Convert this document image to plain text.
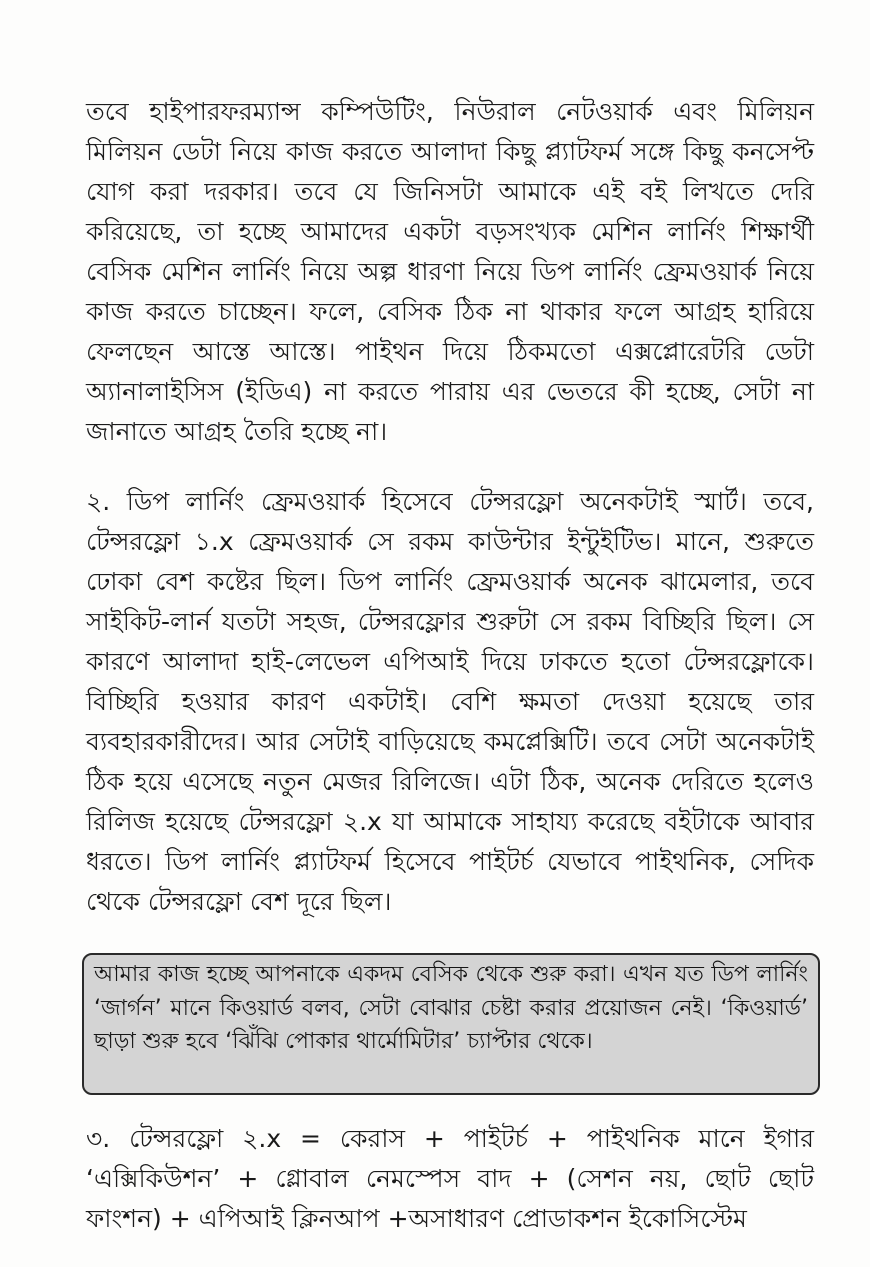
তবে হাইপারফরম্যান্স কম্পিউটিং, নিউরাল নেটওয়ার্ক এবং মিলিয়ন মিলিয়ন ডেটা নিয়ে কাজ করতে আলাদা কিছু প্ল্যাটফর্ম সঙ্গে কিছু কনসেপ্ট যোগ করা দরকার। তবে যে জিনিসটা আমাকে এই বই লিখতে দেরি করিয়েছে, তা হচ্ছে আমাদের একটা বড়সংখ্যক মেশিন লার্নিং শিক্ষার্থী বেসিক মেশিন লার্নিং নিয়ে অল্প ধারণা নিয়ে ডিপ লার্নিং ফ্রেমওয়ার্ক নিয়ে কাজ করতে চাচ্ছেন। ফলে, বেসিক ঠিক না থাকার ফলে আগ্রহ হারিয়ে ফেলছেন আস্তে আস্তে। পাইথন দিয়ে ঠিকমতো এক্সপ্লোরেটরি ডেটা অ্যানালাইসিস (ইডিএ) না করতে পারায় এর ভেতরে কী হচ্ছে, সেটা না জানাতে আগ্রহ তৈরি হচ্ছে না।

২. ডিপ লার্নিং ফ্রেমওয়ার্ক হিসেবে টেন্সরফ্লো অনেকটাই স্মার্ট। তবে, টেন্সরফ্লো ১.x ফ্রেমওয়ার্ক সে রকম কাউন্টার ইন্টুইটিভ। মানে, শুরুতে ঢোকা বেশ কষ্টের ছিল। ডিপ লার্নিং ফ্রেমওয়ার্ক অনেক ঝামেলার, তবে সাইকিট-লার্ন যতটা সহজ, টেন্সরফ্লোর শুরুটা সে রকম বিচ্ছিরি ছিল। সে কারণে আলাদা হাই-লেভেল এপিআই দিয়ে ঢাকতে হতো টেন্সরফ্লোকে। বিচ্ছিরি হওয়ার কারণ একটাই। বেশি ক্ষমতা দেওয়া হয়েছে তার ব্যবহারকারীদের। আর সেটাই বাড়িয়েছে কমপ্লেক্সিটি। তবে সেটা অনেকটাই ঠিক হয়ে এসেছে নতুন মেজর রিলিজে। এটা ঠিক, অনেক দেরিতে হলেও রিলিজ হয়েছে টেন্সরফ্লো ২.x যা আমাকে সাহায্য করেছে বইটাকে আবার ধরতে। ডিপ লার্নিং প্ল্যাটফর্ম হিসেবে পাইটর্চ যেভাবে পাইথনিক, সেদিক থেকে টেন্সরফ্লো বেশ দূরে ছিল।

আমার কাজ হচ্ছে আপনাকে একদম বেসিক থেকে শুরু করা। এখন যত ডিপ লার্নিং ‘জার্গন’ মানে কিওয়ার্ড বলব, সেটা বোঝার চেষ্টা করার প্রয়োজন নেই। ‘কিওয়ার্ড’ ছাড়া শুরু হবে ‘ঝিঁঝি পোকার থার্মোমিটার’ চ্যাপ্টার থেকে।

৩. টেন্সরফ্লো ২.x = কেরাস + পাইটর্চ + পাইথনিক মানে ইগার ‘এক্সিকিউশন’ + গ্লোবাল নেমস্পেস বাদ + (সেশন নয়, ছোট ছোট ফাংশন) + এপিআই ক্লিনআপ +অসাধারণ প্রোডাকশন ইকোসিস্টেম
